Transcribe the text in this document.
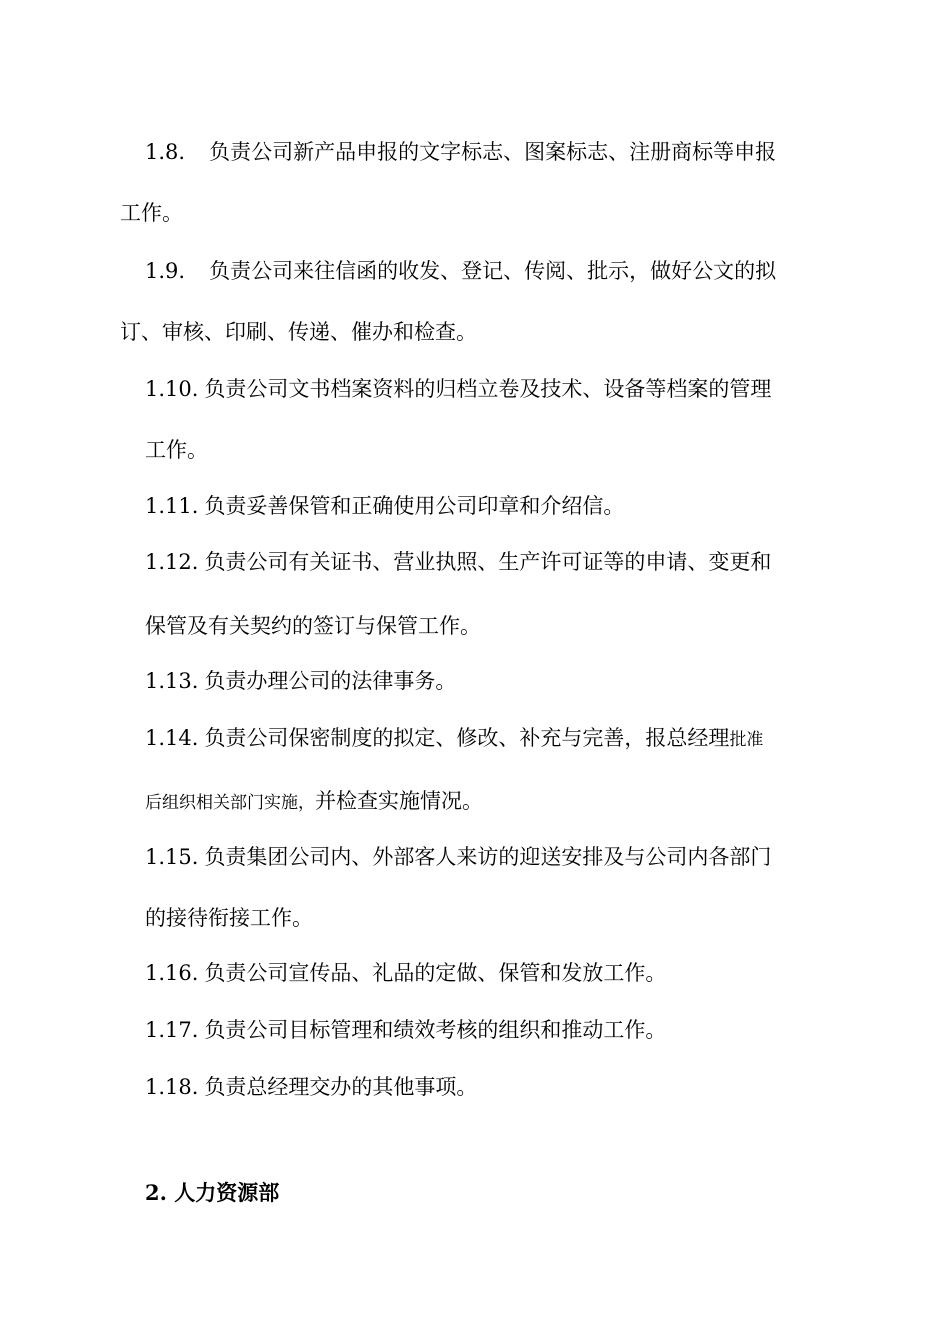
1.8. 负责公司新产品申报的文字标志、图案标志、注册商标等申报
工作。
1.9. 负责公司来往信函的收发、登记、传阅、批示，做好公文的拟
订、审核、印刷、传递、催办和检查。
1.10. 负责公司文书档案资料的归档立卷及技术、设备等档案的管理
工作。
1.11. 负责妥善保管和正确使用公司印章和介绍信。
1.12. 负责公司有关证书、营业执照、生产许可证等的申请、变更和
保管及有关契约的签订与保管工作。
1.13. 负责办理公司的法律事务。
1.14. 负责公司保密制度的拟定、修改、补充与完善，报总经理批准
后组织相关部门实施，并检查实施情况。
1.15. 负责集团公司内、外部客人来访的迎送安排及与公司内各部门
的接待衔接工作。
1.16. 负责公司宣传品、礼品的定做、保管和发放工作。
1.17. 负责公司目标管理和绩效考核的组织和推动工作。
1.18. 负责总经理交办的其他事项。
2. 人力资源部
